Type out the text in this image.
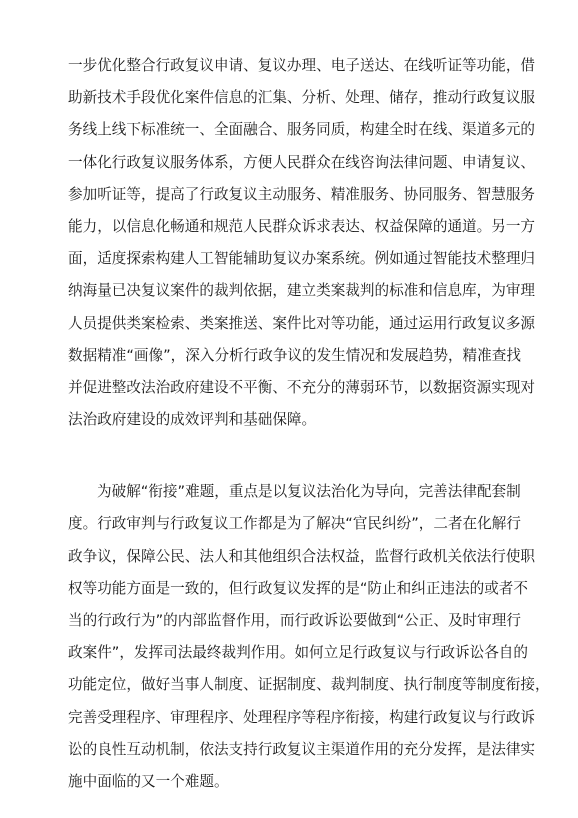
一步优化整合行政复议申请、复议办理、电子送达、在线听证等功能，借
助新技术手段优化案件信息的汇集、分析、处理、储存，推动行政复议服
务线上线下标准统一、全面融合、服务同质，构建全时在线、渠道多元的
一体化行政复议服务体系，方便人民群众在线咨询法律问题、申请复议、
参加听证等，提高了行政复议主动服务、精准服务、协同服务、智慧服务
能力，以信息化畅通和规范人民群众诉求表达、权益保障的通道。另一方
面，适度探索构建人工智能辅助复议办案系统。例如通过智能技术整理归
纳海量已决复议案件的裁判依据，建立类案裁判的标准和信息库，为审理
人员提供类案检索、类案推送、案件比对等功能，通过运用行政复议多源
数据精准“画像”，深入分析行政争议的发生情况和发展趋势，精准查找
并促进整改法治政府建设不平衡、不充分的薄弱环节，以数据资源实现对
法治政府建设的成效评判和基础保障。
为破解“衔接”难题，重点是以复议法治化为导向，完善法律配套制
度。行政审判与行政复议工作都是为了解决“官民纠纷”，二者在化解行
政争议，保障公民、法人和其他组织合法权益，监督行政机关依法行使职
权等功能方面是一致的，但行政复议发挥的是“防止和纠正违法的或者不
当的行政行为”的内部监督作用，而行政诉讼要做到“公正、及时审理行
政案件”，发挥司法最终裁判作用。如何立足行政复议与行政诉讼各自的
功能定位，做好当事人制度、证据制度、裁判制度、执行制度等制度衔接，
完善受理程序、审理程序、处理程序等程序衔接，构建行政复议与行政诉
讼的良性互动机制，依法支持行政复议主渠道作用的充分发挥，是法律实
施中面临的又一个难题。
